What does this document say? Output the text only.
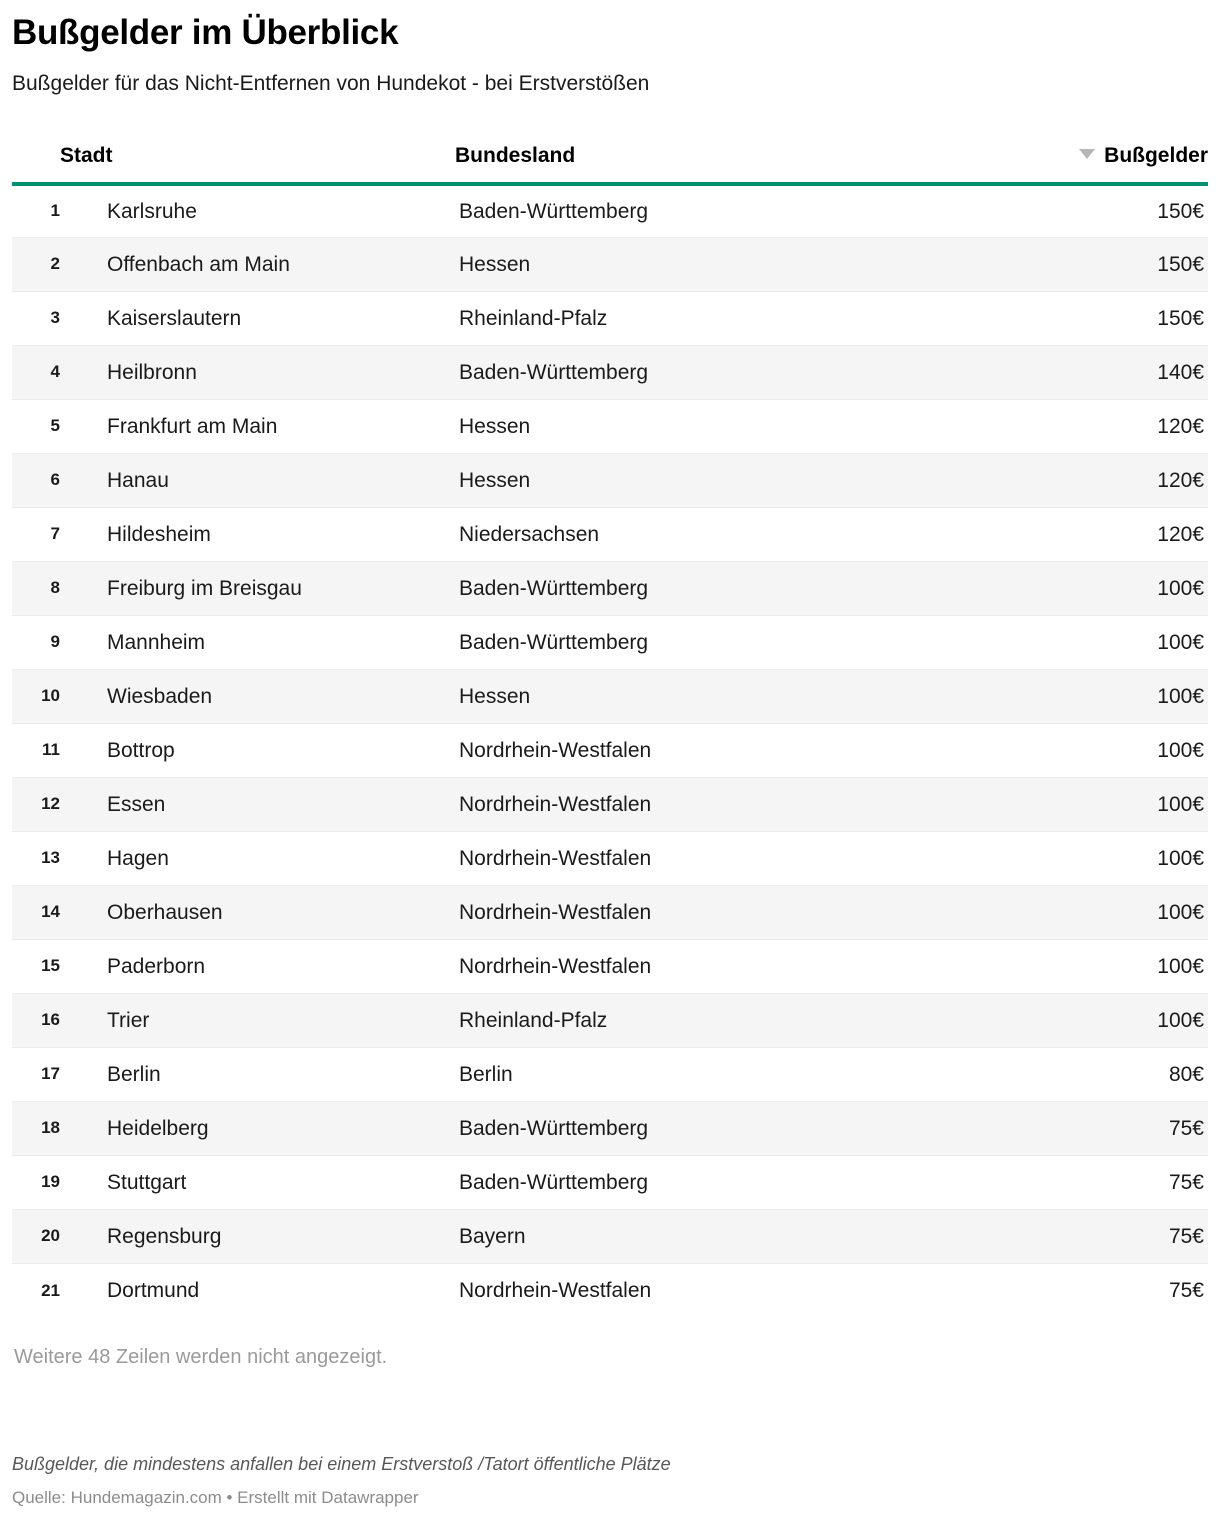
Bußgelder im Überblick

Bußgelder für das Nicht-Entfernen von Hundekot - bei Erstverstößen

	Stadt	Bundesland	Bußgelder
1	Karlsruhe	Baden-Württemberg	150€
2	Offenbach am Main	Hessen	150€
3	Kaiserslautern	Rheinland-Pfalz	150€
4	Heilbronn	Baden-Württemberg	140€
5	Frankfurt am Main	Hessen	120€
6	Hanau	Hessen	120€
7	Hildesheim	Niedersachsen	120€
8	Freiburg im Breisgau	Baden-Württemberg	100€
9	Mannheim	Baden-Württemberg	100€
10	Wiesbaden	Hessen	100€
11	Bottrop	Nordrhein-Westfalen	100€
12	Essen	Nordrhein-Westfalen	100€
13	Hagen	Nordrhein-Westfalen	100€
14	Oberhausen	Nordrhein-Westfalen	100€
15	Paderborn	Nordrhein-Westfalen	100€
16	Trier	Rheinland-Pfalz	100€
17	Berlin	Berlin	80€
18	Heidelberg	Baden-Württemberg	75€
19	Stuttgart	Baden-Württemberg	75€
20	Regensburg	Bayern	75€
21	Dortmund	Nordrhein-Westfalen	75€

Weitere 48 Zeilen werden nicht angezeigt.

Bußgelder, die mindestens anfallen bei einem Erstverstoß /Tatort öffentliche Plätze

Quelle: Hundemagazin.com • Erstellt mit Datawrapper
